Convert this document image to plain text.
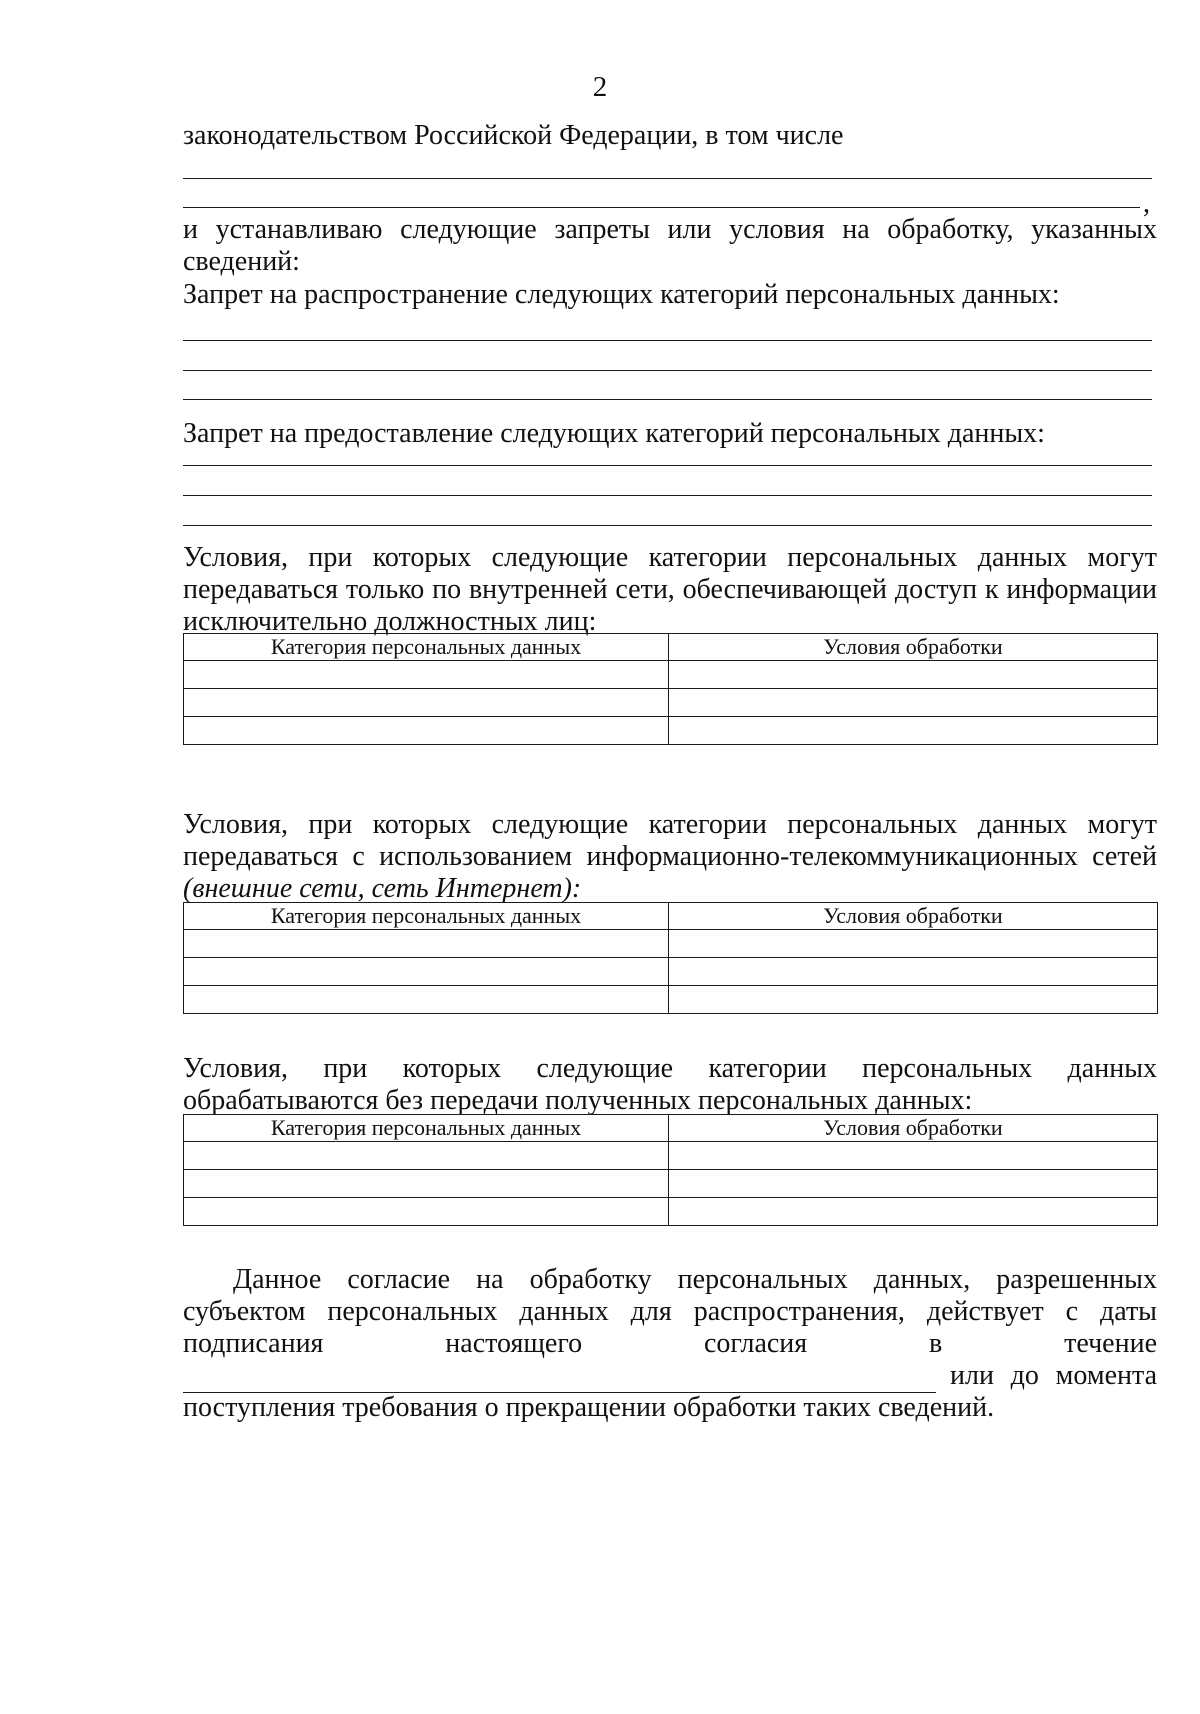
2
законодательством Российской Федерации, в том числе
,
и устанавливаю следующие запреты или условия на обработку, указанных
сведений:
Запрет на распространение следующих категорий персональных данных:
Запрет на предоставление следующих категорий персональных данных:
Условия, при которых следующие категории персональных данных могут
передаваться только по внутренней сети, обеспечивающей доступ к информации
исключительно должностных лиц:
Категория персональных данных	Условия обработки

Условия, при которых следующие категории персональных данных могут
передаваться с использованием информационно-телекоммуникационных сетей
(внешние сети, сеть Интернет):
Категория персональных данных	Условия обработки

Условия, при которых следующие категории персональных данных
обрабатываются без передачи полученных персональных данных:
Категория персональных данных	Условия обработки

Данное согласие на обработку персональных данных, разрешенных
субъектом персональных данных для распространения, действует с даты
подписания настоящего согласия в течение
или до момента
поступления требования о прекращении обработки таких сведений.
